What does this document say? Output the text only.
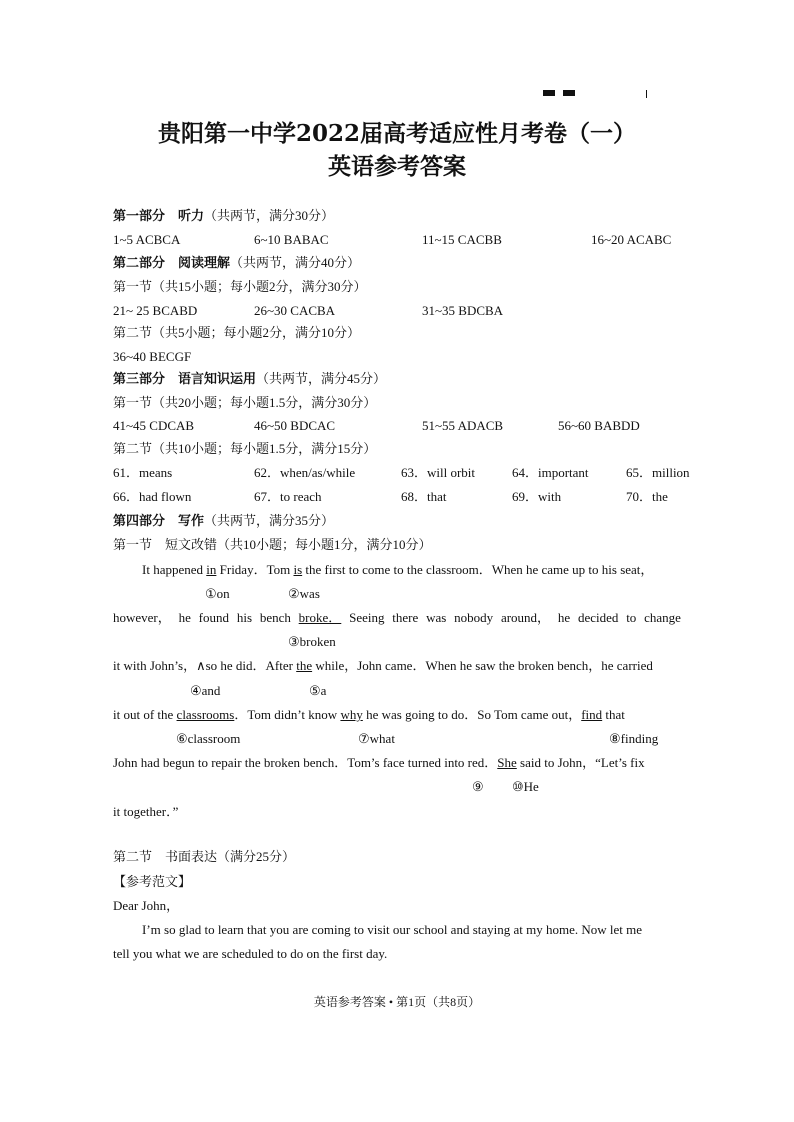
贵阳第一中学2022届高考适应性月考卷（一）
英语参考答案
第一部分　听力（共两节，满分30分）
1~5 ACBCA	6~10 BABAC	11~15 CACBB	16~20 ACABC
第二部分　阅读理解（共两节，满分40分）
第一节（共15小题；每小题2分，满分30分）
21~ 25 BCABD	26~30 CACBA	31~35 BDCBA
第二节（共5小题；每小题2分，满分10分）
36~40 BECGF
第三部分　语言知识运用（共两节，满分45分）
第一节（共20小题；每小题1.5分，满分30分）
41~45 CDCAB	46~50 BDCAC	51~55 ADACB	56~60 BABDD
第二节（共10小题；每小题1.5分，满分15分）
61．means	62．when/as/while	63．will orbit	64．important	65．million
66．had flown	67．to reach	68．that	69．with	70．the
第四部分　写作（共两节，满分35分）
第一节　短文改错（共10小题；每小题1分，满分10分）
It happened in Friday．Tom is the first to come to the classroom．When he came up to his seat，
①on	②was
however， he found his bench broke． Seeing there was nobody around， he decided to change
③broken
it with John’s，∧so he did．After the while，John came．When he saw the broken bench，he carried
④and	⑤a
it out of the classrooms．Tom didn’t know why he was going to do．So Tom came out，find that
⑥classroom	⑦what	⑧finding
John had begun to repair the broken bench．Tom’s face turned into red．She said to John，“Let’s fix
⑨ ⑩He
it together．”
第二节　书面表达（满分25分）
【参考范文】
Dear John，
I’m so glad to learn that you are coming to visit our school and staying at my home. Now let me
tell you what we are scheduled to do on the first day.
英语参考答案 • 第1页（共8页）
